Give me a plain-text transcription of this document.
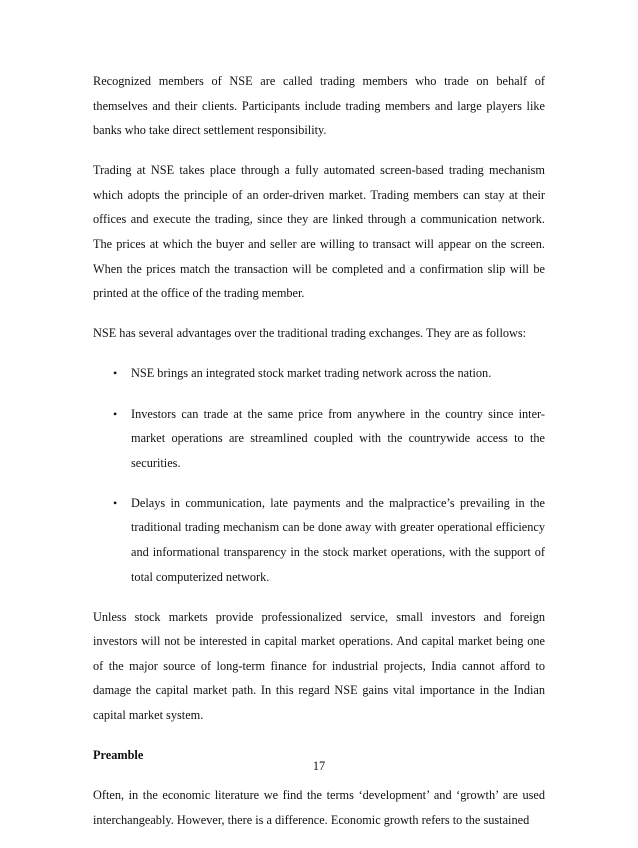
Recognized members of NSE are called trading members who trade on behalf of themselves and their clients. Participants include trading members and large players like banks who take direct settlement responsibility.

Trading at NSE takes place through a fully automated screen-based trading mechanism which adopts the principle of an order-driven market. Trading members can stay at their offices and execute the trading, since they are linked through a communication network. The prices at which the buyer and seller are willing to transact will appear on the screen. When the prices match the transaction will be completed and a confirmation slip will be printed at the office of the trading member.

NSE has several advantages over the traditional trading exchanges. They are as follows:

• NSE brings an integrated stock market trading network across the nation.
• Investors can trade at the same price from anywhere in the country since inter-market operations are streamlined coupled with the countrywide access to the securities.
• Delays in communication, late payments and the malpractice’s prevailing in the traditional trading mechanism can be done away with greater operational efficiency and informational transparency in the stock market operations, with the support of total computerized network.

Unless stock markets provide professionalized service, small investors and foreign investors will not be interested in capital market operations. And capital market being one of the major source of long-term finance for industrial projects, India cannot afford to damage the capital market path. In this regard NSE gains vital importance in the Indian capital market system.

Preamble

Often, in the economic literature we find the terms ‘development’ and ‘growth’ are used interchangeably. However, there is a difference. Economic growth refers to the sustained

17
